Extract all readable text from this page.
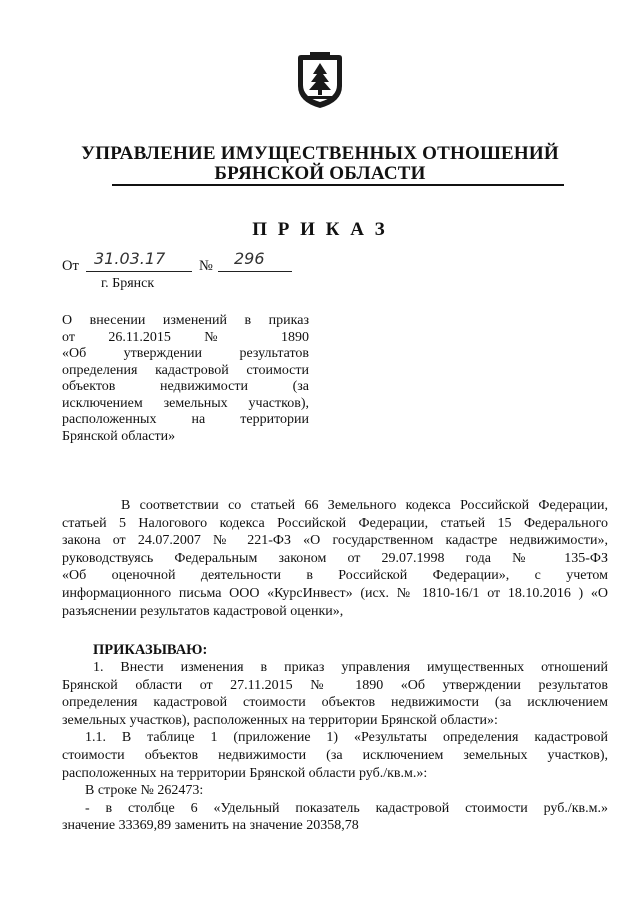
УПРАВЛЕНИЕ ИМУЩЕСТВЕННЫХ ОТНОШЕНИЙ
БРЯНСКОЙ ОБЛАСТИ
П Р И К А З
От 31.03.17 № 296
г. Брянск
О внесении изменений в приказ
от 26.11.2015 № 1890
«Об утверждении результатов
определения кадастровой стоимости
объектов недвижимости (за
исключением земельных участков),
расположенных на территории
Брянской области»
В соответствии со статьей 66 Земельного кодекса Российской Федерации,
статьей 5 Налогового кодекса Российской Федерации, статьей 15 Федерального
закона от 24.07.2007 № 221-ФЗ «О государственном кадастре недвижимости»,
руководствуясь Федеральным законом от 29.07.1998 года № 135-ФЗ
«Об оценочной деятельности в Российской Федерации», с учетом
информационного письма ООО «КурсИнвест» (исх. № 1810-16/1 от 18.10.2016 ) «О
разъяснении результатов кадастровой оценки»,
ПРИКАЗЫВАЮ:
1. Внести изменения в приказ управления имущественных отношений
Брянской области от 27.11.2015 № 1890 «Об утверждении результатов
определения кадастровой стоимости объектов недвижимости (за исключением
земельных участков), расположенных на территории Брянской области»:
1.1. В таблице 1 (приложение 1) «Результаты определения кадастровой
стоимости объектов недвижимости (за исключением земельных участков),
расположенных на территории Брянской области руб./кв.м.»:
В строке № 262473:
- в столбце 6 «Удельный показатель кадастровой стоимости руб./кв.м.»
значение 33369,89 заменить на значение 20358,78
